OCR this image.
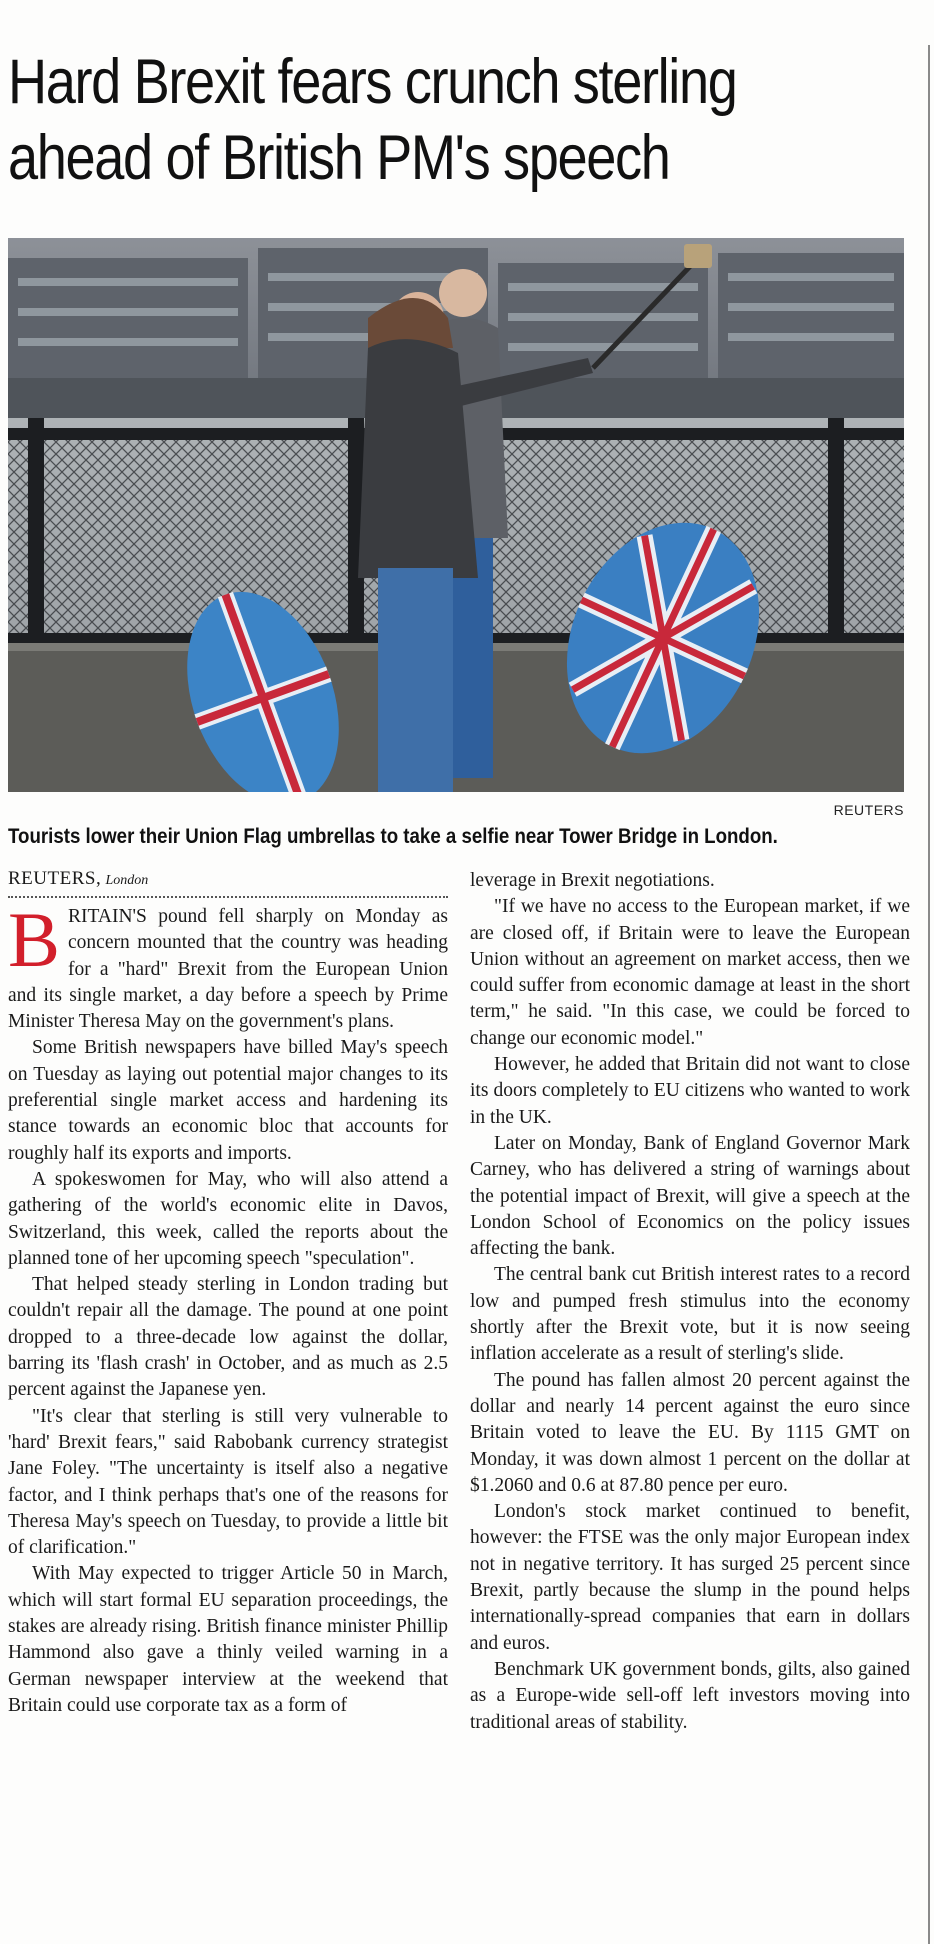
Hard Brexit fears crunch sterling
ahead of British PM's speech
REUTERS
Tourists lower their Union Flag umbrellas to take a selfie near Tower Bridge in London.
REUTERS, London

BRITAIN'S pound fell sharply on Monday as concern mounted that the country was heading for a "hard" Brexit from the European Union and its single market, a day before a speech by Prime Minister Theresa May on the government's plans.

Some British newspapers have billed May's speech on Tuesday as laying out potential major changes to its preferential single market access and hardening its stance towards an economic bloc that accounts for roughly half its exports and imports.

A spokeswomen for May, who will also attend a gathering of the world's economic elite in Davos, Switzerland, this week, called the reports about the planned tone of her upcoming speech "speculation".

That helped steady sterling in London trading but couldn't repair all the damage. The pound at one point dropped to a three-decade low against the dollar, barring its 'flash crash' in October, and as much as 2.5 percent against the Japanese yen.

"It's clear that sterling is still very vulnerable to 'hard' Brexit fears," said Rabobank currency strategist Jane Foley. "The uncertainty is itself also a negative factor, and I think perhaps that's one of the reasons for Theresa May's speech on Tuesday, to provide a little bit of clarification."

With May expected to trigger Article 50 in March, which will start formal EU separation proceedings, the stakes are already rising. British finance minister Phillip Hammond also gave a thinly veiled warning in a German newspaper interview at the weekend that Britain could use corporate tax as a form of

leverage in Brexit negotiations.

"If we have no access to the European market, if we are closed off, if Britain were to leave the European Union without an agreement on market access, then we could suffer from economic damage at least in the short term," he said. "In this case, we could be forced to change our economic model."

However, he added that Britain did not want to close its doors completely to EU citizens who wanted to work in the UK.

Later on Monday, Bank of England Governor Mark Carney, who has delivered a string of warnings about the potential impact of Brexit, will give a speech at the London School of Economics on the policy issues affecting the bank.

The central bank cut British interest rates to a record low and pumped fresh stimulus into the economy shortly after the Brexit vote, but it is now seeing inflation accelerate as a result of sterling's slide.

The pound has fallen almost 20 percent against the dollar and nearly 14 percent against the euro since Britain voted to leave the EU. By 1115 GMT on Monday, it was down almost 1 percent on the dollar at $1.2060 and 0.6 at 87.80 pence per euro.

London's stock market continued to benefit, however: the FTSE was the only major European index not in negative territory. It has surged 25 percent since Brexit, partly because the slump in the pound helps internationally-spread companies that earn in dollars and euros.

Benchmark UK government bonds, gilts, also gained as a Europe-wide sell-off left investors moving into traditional areas of stability.
